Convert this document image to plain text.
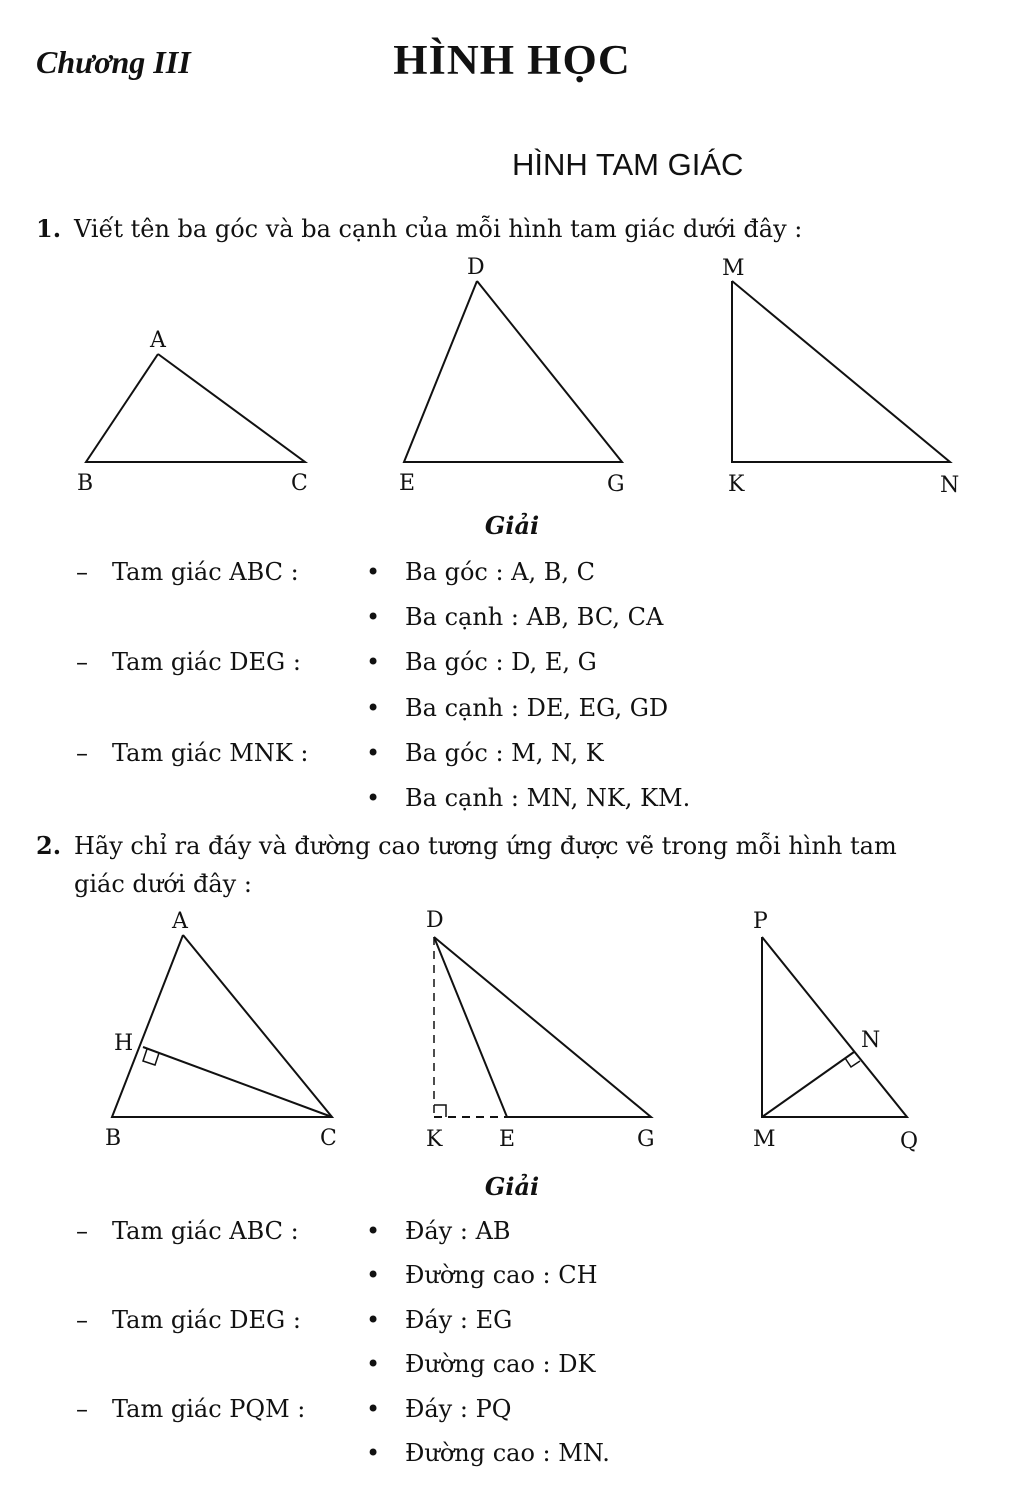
Chương III	HÌNH HỌC
HÌNH TAM GIÁC
1. Viết tên ba góc và ba cạnh của mỗi hình tam giác dưới đây :
A
B	C
D
E	G
M
K	N
A
H
B	C
D
K	E	G
P
N
M	Q
Giải
– Tam giác ABC :	• Ba góc : A, B, C
• Ba cạnh : AB, BC, CA
– Tam giác DEG :	• Ba góc : D, E, G
• Ba cạnh : DE, EG, GD
– Tam giác MNK : • Ba góc : M, N, K
• Ba cạnh : MN, NK, KM.
2. Hãy chỉ ra đáy và đường cao tương ứng được vẽ trong mỗi hình tam
giác dưới đây :
Giải
– Tam giác ABC :	• Đáy : AB
• Đường cao : CH
– Tam giác DEG :	• Đáy : EG
• Đường cao : DK
– Tam giác PQM :	• Đáy : PQ
• Đường cao : MN.
